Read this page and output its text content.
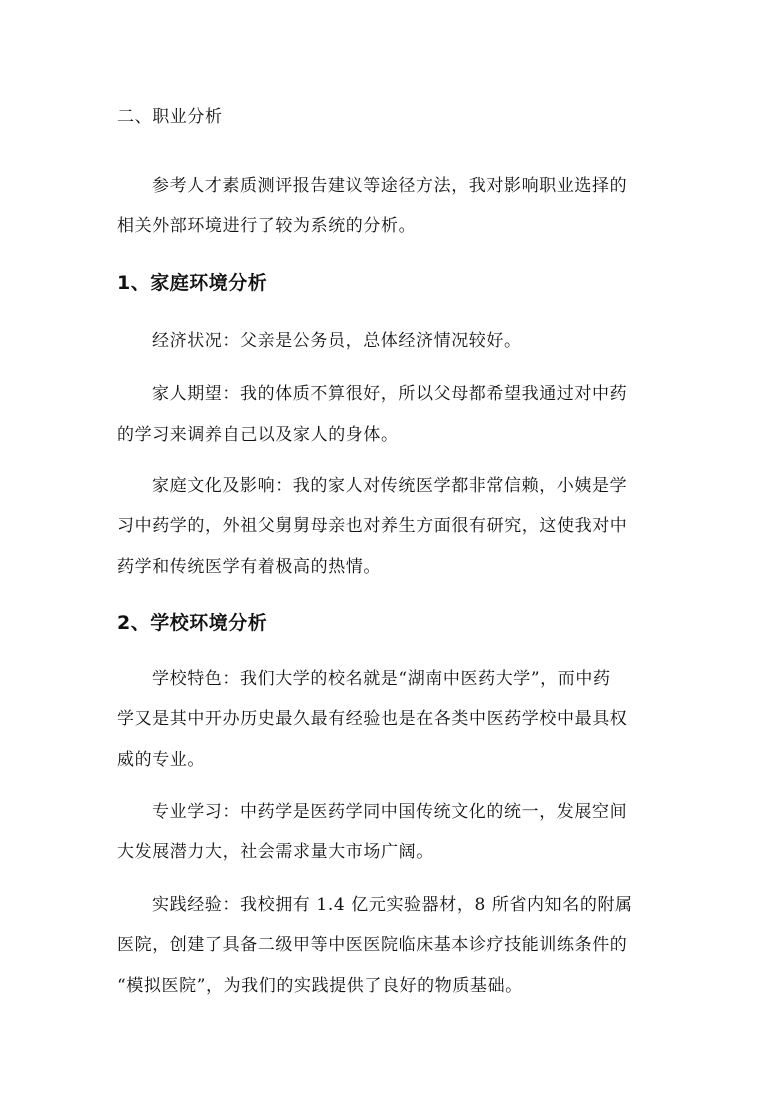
二、职业分析
参考人才素质测评报告建议等途径方法，我对影响职业选择的
相关外部环境进行了较为系统的分析。
1、家庭环境分析
经济状况：父亲是公务员，总体经济情况较好。
家人期望：我的体质不算很好，所以父母都希望我通过对中药
的学习来调养自己以及家人的身体。
家庭文化及影响：我的家人对传统医学都非常信赖，小姨是学
习中药学的，外祖父舅舅母亲也对养生方面很有研究，这使我对中
药学和传统医学有着极高的热情。
2、学校环境分析
学校特色：我们大学的校名就是“湖南中医药大学”，而中药
学又是其中开办历史最久最有经验也是在各类中医药学校中最具权
威的专业。
专业学习：中药学是医药学同中国传统文化的统一，发展空间
大发展潜力大，社会需求量大市场广阔。
实践经验：我校拥有 1.4 亿元实验器材，8 所省内知名的附属
医院，创建了具备二级甲等中医医院临床基本诊疗技能训练条件的
“模拟医院”，为我们的实践提供了良好的物质基础。
